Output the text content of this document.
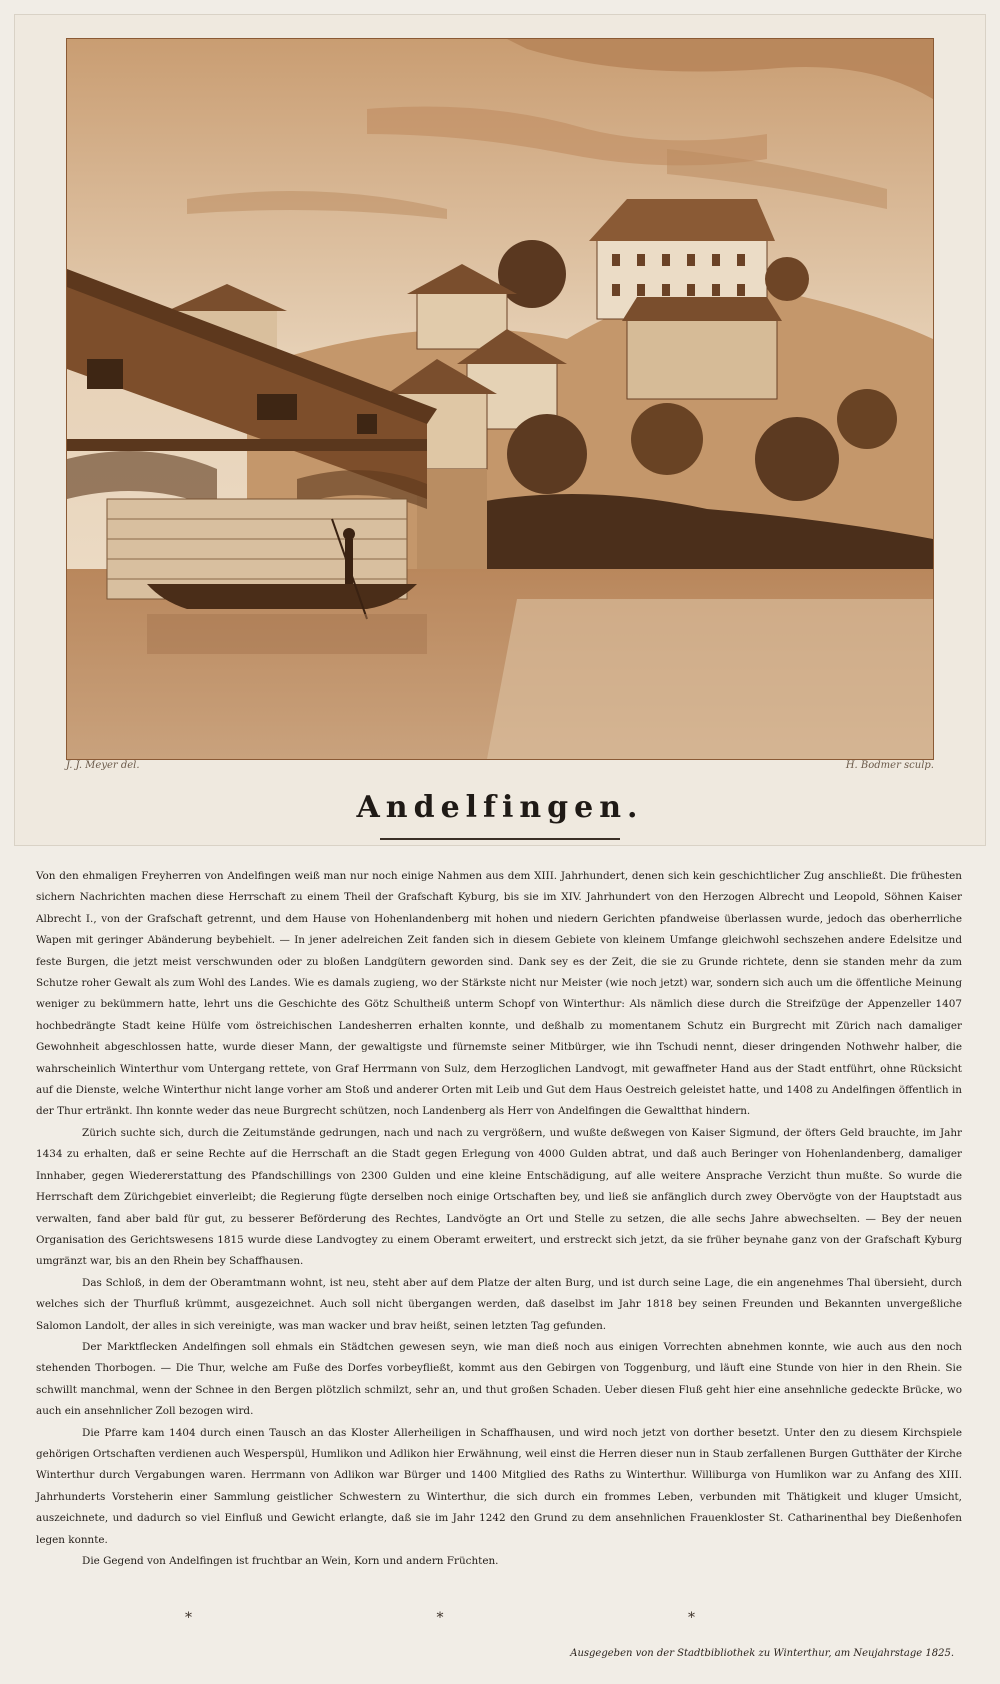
J. J. Meyer del.	H. Bodmer sculp.
Andelfingen.

Von den ehmaligen Freyherren von Andelfingen weiß man nur noch einige Nahmen aus dem XIII. Jahrhundert, denen sich kein geschichtlicher Zug anschließt. Die frühesten sichern Nachrichten machen diese Herrschaft zu einem Theil der Grafschaft Kyburg, bis sie im XIV. Jahrhundert von den Herzogen Albrecht und Leopold, Söhnen Kaiser Albrecht I., von der Grafschaft getrennt, und dem Hause von Hohenlandenberg mit hohen und niedern Gerichten pfandweise überlassen wurde, jedoch das oberherrliche Wapen mit geringer Abänderung beybehielt. — In jener adelreichen Zeit fanden sich in diesem Gebiete von kleinem Umfange gleichwohl sechszehen andere Edelsitze und feste Burgen, die jetzt meist verschwunden oder zu bloßen Landgütern geworden sind. Dank sey es der Zeit, die sie zu Grunde richtete, denn sie standen mehr da zum Schutze roher Gewalt als zum Wohl des Landes. Wie es damals zugieng, wo der Stärkste nicht nur Meister (wie noch jetzt) war, sondern sich auch um die öffentliche Meinung weniger zu bekümmern hatte, lehrt uns die Geschichte des Götz Schultheiß unterm Schopf von Winterthur: Als nämlich diese durch die Streifzüge der Appenzeller 1407 hochbedrängte Stadt keine Hülfe vom östreichischen Landesherren erhalten konnte, und deßhalb zu momentanem Schutz ein Burgrecht mit Zürich nach damaliger Gewohnheit abgeschlossen hatte, wurde dieser Mann, der gewaltigste und fürnemste seiner Mitbürger, wie ihn Tschudi nennt, dieser dringenden Nothwehr halber, die wahrscheinlich Winterthur vom Untergang rettete, von Graf Herrmann von Sulz, dem Herzoglichen Landvogt, mit gewaffneter Hand aus der Stadt entführt, ohne Rücksicht auf die Dienste, welche Winterthur nicht lange vorher am Stoß und anderer Orten mit Leib und Gut dem Haus Oestreich geleistet hatte, und 1408 zu Andelfingen öffentlich in der Thur ertränkt. Ihn konnte weder das neue Burgrecht schützen, noch Landenberg als Herr von Andelfingen die Gewaltthat hindern.

Zürich suchte sich, durch die Zeitumstände gedrungen, nach und nach zu vergrößern, und wußte deßwegen von Kaiser Sigmund, der öfters Geld brauchte, im Jahr 1434 zu erhalten, daß er seine Rechte auf die Herrschaft an die Stadt gegen Erlegung von 4000 Gulden abtrat, und daß auch Beringer von Hohenlandenberg, damaliger Innhaber, gegen Wiedererstattung des Pfandschillings von 2300 Gulden und eine kleine Entschädigung, auf alle weitere Ansprache Verzicht thun mußte. So wurde die Herrschaft dem Zürichgebiet einverleibt; die Regierung fügte derselben noch einige Ortschaften bey, und ließ sie anfänglich durch zwey Obervögte von der Hauptstadt aus verwalten, fand aber bald für gut, zu besserer Beförderung des Rechtes, Landvögte an Ort und Stelle zu setzen, die alle sechs Jahre abwechselten. — Bey der neuen Organisation des Gerichtswesens 1815 wurde diese Landvogtey zu einem Oberamt erweitert, und erstreckt sich jetzt, da sie früher beynahe ganz von der Grafschaft Kyburg umgränzt war, bis an den Rhein bey Schaffhausen.

Das Schloß, in dem der Oberamtmann wohnt, ist neu, steht aber auf dem Platze der alten Burg, und ist durch seine Lage, die ein angenehmes Thal übersieht, durch welches sich der Thurfluß krümmt, ausgezeichnet. Auch soll nicht übergangen werden, daß daselbst im Jahr 1818 bey seinen Freunden und Bekannten unvergeßliche Salomon Landolt, der alles in sich vereinigte, was man wacker und brav heißt, seinen letzten Tag gefunden.

Der Marktflecken Andelfingen soll ehmals ein Städtchen gewesen seyn, wie man dieß noch aus einigen Vorrechten abnehmen konnte, wie auch aus den noch stehenden Thorbogen. — Die Thur, welche am Fuße des Dorfes vorbeyfließt, kommt aus den Gebirgen von Toggenburg, und läuft eine Stunde von hier in den Rhein. Sie schwillt manchmal, wenn der Schnee in den Bergen plötzlich schmilzt, sehr an, und thut großen Schaden. Ueber diesen Fluß geht hier eine ansehnliche gedeckte Brücke, wo auch ein ansehnlicher Zoll bezogen wird.

Die Pfarre kam 1404 durch einen Tausch an das Kloster Allerheiligen in Schaffhausen, und wird noch jetzt von dorther besetzt. Unter den zu diesem Kirchspiele gehörigen Ortschaften verdienen auch Wesperspül, Humlikon und Adlikon hier Erwähnung, weil einst die Herren dieser nun in Staub zerfallenen Burgen Gutthäter der Kirche Winterthur durch Vergabungen waren. Herrmann von Adlikon war Bürger und 1400 Mitglied des Raths zu Winterthur. Williburga von Humlikon war zu Anfang des XIII. Jahrhunderts Vorsteherin einer Sammlung geistlicher Schwestern zu Winterthur, die sich durch ein frommes Leben, verbunden mit Thätigkeit und kluger Umsicht, auszeichnete, und dadurch so viel Einfluß und Gewicht erlangte, daß sie im Jahr 1242 den Grund zu dem ansehnlichen Frauenkloster St. Catharinenthal bey Dießenhofen legen konnte.

Die Gegend von Andelfingen ist fruchtbar an Wein, Korn und andern Früchten.

* * *
Ausgegeben von der Stadtbibliothek zu Winterthur, am Neujahrstage 1825.
